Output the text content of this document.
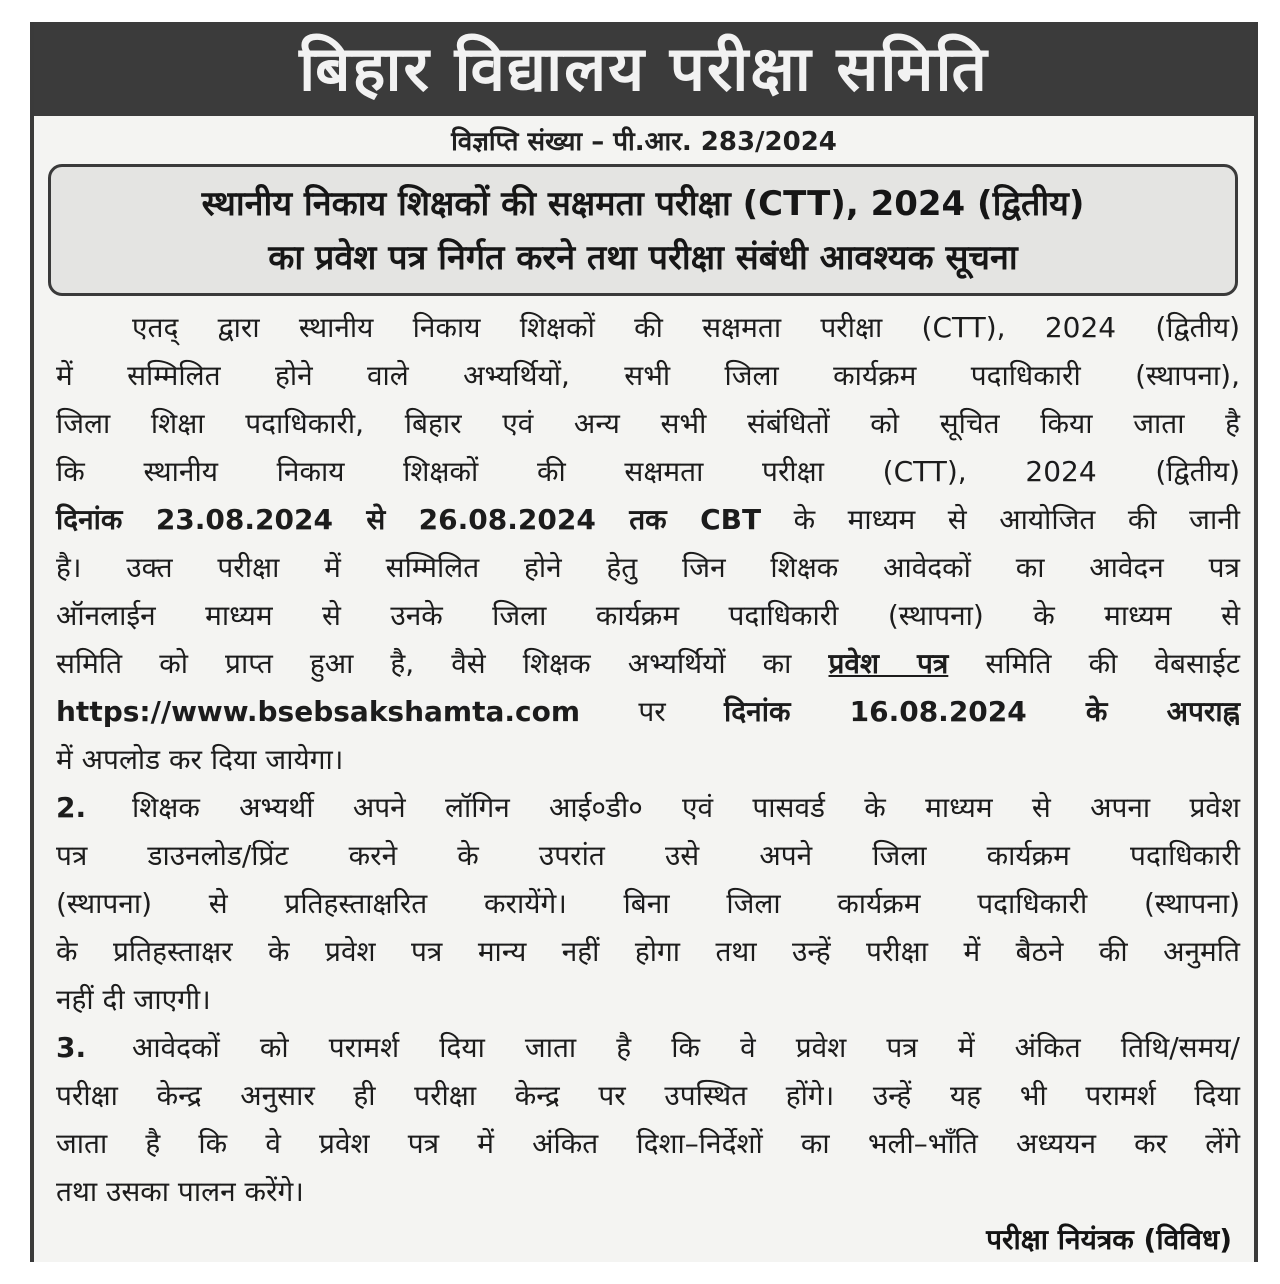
बिहार विद्यालय परीक्षा समिति
विज्ञप्ति संख्या – पी.आर. 283/2024
स्थानीय निकाय शिक्षकों की सक्षमता परीक्षा (CTT), 2024 (द्वितीय)
का प्रवेश पत्र निर्गत करने तथा परीक्षा संबंधी आवश्यक सूचना
एतद् द्वारा स्थानीय निकाय शिक्षकों की सक्षमता परीक्षा (CTT), 2024 (द्वितीय)
में सम्मिलित होने वाले अभ्यर्थियों, सभी जिला कार्यक्रम पदाधिकारी (स्थापना),
जिला शिक्षा पदाधिकारी, बिहार एवं अन्य सभी संबंधितों को सूचित किया जाता है
कि स्थानीय निकाय शिक्षकों की सक्षमता परीक्षा (CTT), 2024 (द्वितीय)
दिनांक 23.08.2024 से 26.08.2024 तक CBT के माध्यम से आयोजित की जानी
है। उक्त परीक्षा में सम्मिलित होने हेतु जिन शिक्षक आवेदकों का आवेदन पत्र
ऑनलाईन माध्यम से उनके जिला कार्यक्रम पदाधिकारी (स्थापना) के माध्यम से
समिति को प्राप्त हुआ है, वैसे शिक्षक अभ्यर्थियों का प्रवेश पत्र समिति की वेबसाईट
https://www.bsebsakshamta.com पर दिनांक 16.08.2024 के अपराह्न
में अपलोड कर दिया जायेगा।
2. शिक्षक अभ्यर्थी अपने लॉगिन आई०डी० एवं पासवर्ड के माध्यम से अपना प्रवेश
पत्र डाउनलोड/प्रिंट करने के उपरांत उसे अपने जिला कार्यक्रम पदाधिकारी
(स्थापना) से प्रतिहस्ताक्षरित करायेंगे। बिना जिला कार्यक्रम पदाधिकारी (स्थापना)
के प्रतिहस्ताक्षर के प्रवेश पत्र मान्य नहीं होगा तथा उन्हें परीक्षा में बैठने की अनुमति
नहीं दी जाएगी।
3. आवेदकों को परामर्श दिया जाता है कि वे प्रवेश पत्र में अंकित तिथि/समय/
परीक्षा केन्द्र अनुसार ही परीक्षा केन्द्र पर उपस्थित होंगे। उन्हें यह भी परामर्श दिया
जाता है कि वे प्रवेश पत्र में अंकित दिशा–निर्देशों का भली–भाँति अध्ययन कर लेंगे
तथा उसका पालन करेंगे।
परीक्षा नियंत्रक (विविध)
